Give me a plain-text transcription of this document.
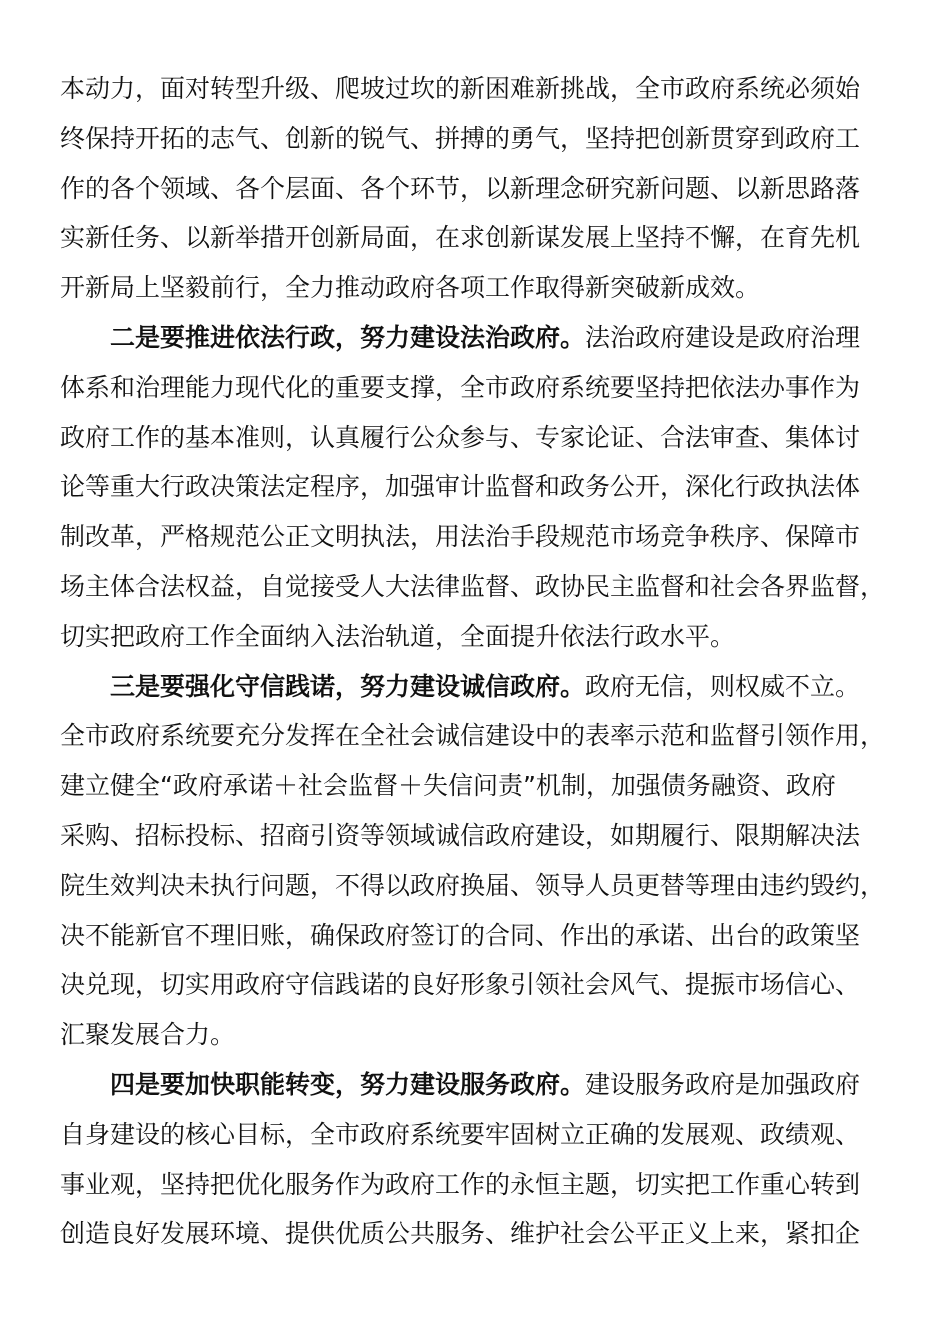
本动力，面对转型升级、爬坡过坎的新困难新挑战，全市政府系统必须始
终保持开拓的志气、创新的锐气、拼搏的勇气，坚持把创新贯穿到政府工
作的各个领域、各个层面、各个环节，以新理念研究新问题、以新思路落
实新任务、以新举措开创新局面，在求创新谋发展上坚持不懈，在育先机
开新局上坚毅前行，全力推动政府各项工作取得新突破新成效。
二是要推进依法行政，努力建设法治政府。法治政府建设是政府治理
体系和治理能力现代化的重要支撑，全市政府系统要坚持把依法办事作为
政府工作的基本准则，认真履行公众参与、专家论证、合法审查、集体讨
论等重大行政决策法定程序，加强审计监督和政务公开，深化行政执法体
制改革，严格规范公正文明执法，用法治手段规范市场竞争秩序、保障市
场主体合法权益，自觉接受人大法律监督、政协民主监督和社会各界监督，
切实把政府工作全面纳入法治轨道，全面提升依法行政水平。
三是要强化守信践诺，努力建设诚信政府。政府无信，则权威不立。
全市政府系统要充分发挥在全社会诚信建设中的表率示范和监督引领作用，
建立健全“政府承诺＋社会监督＋失信问责”机制，加强债务融资、政府
采购、招标投标、招商引资等领域诚信政府建设，如期履行、限期解决法
院生效判决未执行问题，不得以政府换届、领导人员更替等理由违约毁约，
决不能新官不理旧账，确保政府签订的合同、作出的承诺、出台的政策坚
决兑现，切实用政府守信践诺的良好形象引领社会风气、提振市场信心、
汇聚发展合力。
四是要加快职能转变，努力建设服务政府。建设服务政府是加强政府
自身建设的核心目标，全市政府系统要牢固树立正确的发展观、政绩观、
事业观，坚持把优化服务作为政府工作的永恒主题，切实把工作重心转到
创造良好发展环境、提供优质公共服务、维护社会公平正义上来，紧扣企
